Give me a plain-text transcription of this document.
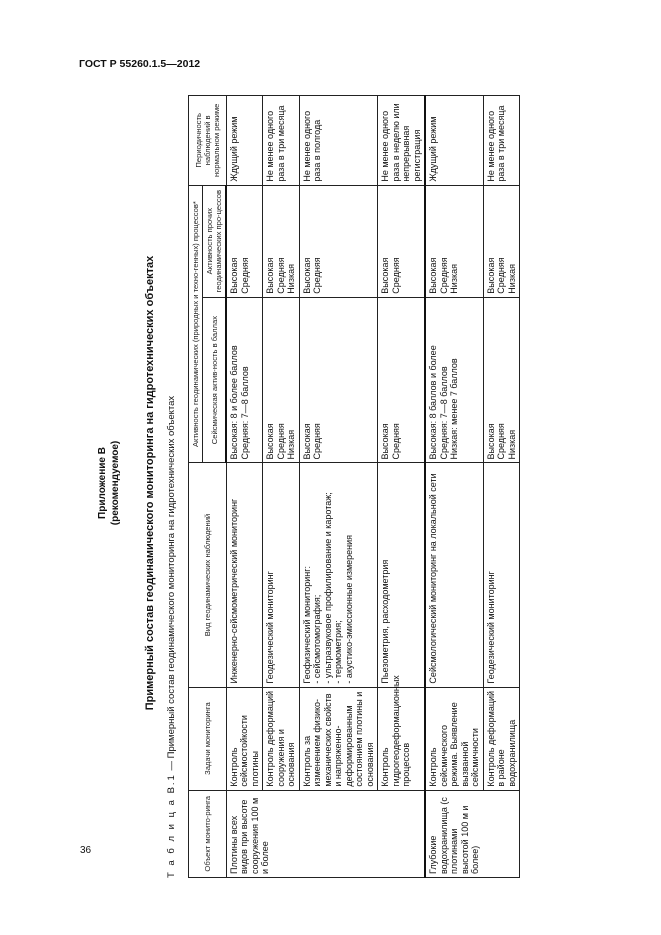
ГОСТ Р 55260.1.5—2012
36
Приложение В (рекомендуемое) Примерный состав геодинамического мониторинга на гидротехнических объектах
Т а б л и ц а В.1 — Примерный состав геодинамического мониторинга на гидротехнических объектах
Объект монито-ринга	Задачи мониторинга	Вид геодинамических наблюдений	Активность геодинамических (природных и техно-генных) процессов*		Периодичность наблюдений в нормальном режиме
			Сейсмическая актив-ность в баллах	Активность прочих геодинамических про-цессов	
Плотины всех видов при высоте сооружения 100 м и более	Контроль сейсмостойкости плотины	Инженерно-сейсмометрический мониторинг	Высокая: 8 и более баллов Средняя: 7—8 баллов	Высокая Средняя	Ждущий режим
	Контроль деформаций сооружения и основания	Геодезический мониторинг	Высокая Средняя Низкая	Высокая Средняя Низкая	Не менее одного раза в три месяца
	Контроль за изменением физико-механических свойств и напряженно-деформированным состоянием плотины и основания	Геофизический мониторинг: - сейсмотомография; - ультразвуковое профилирование и каротаж; - термометрия; - акустико-эмиссионные измерения	Высокая Средняя	Высокая Средняя	Не менее одного раза в полгода
	Контроль гидрогеодеформационных процессов	Пьезометрия, расходометрия	Высокая Средняя	Высокая Средняя	Не менее одного раза в неделю или непрерывная регистрация
Глубокие водохранилища (с плотинами высотой 100 м и более)	Контроль сейсмического режима. Выявление вызванной сейсмичности	Сейсмологический мониторинг на локальной сети	Высокая: 8 баллов и более Средняя: 7—8 баллов Низкая: менее 7 баллов	Высокая Средняя Низкая	Ждущий режим
	Контроль деформаций в районе водохранилища	Геодезический мониторинг	Высокая Средняя Низкая	Высокая Средняя Низкая	Не менее одного раза в три месяца
